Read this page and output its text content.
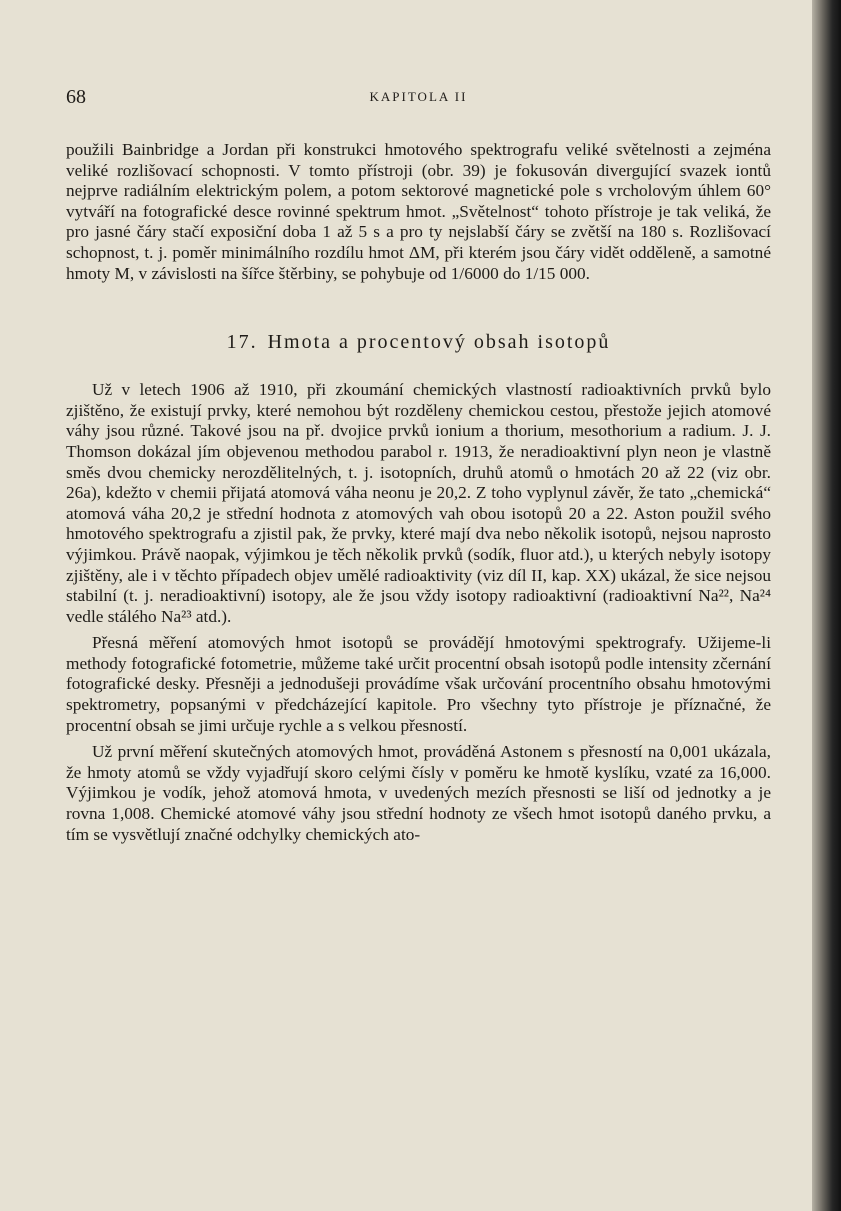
68	KAPITOLA II

použili Bainbridge a Jordan při konstrukci hmotového spektrografu veliké světelnosti a zejména veliké rozlišovací schopnosti. V tomto přístroji (obr. 39) je fokusován divergující svazek iontů nejprve radiálním elektrickým polem, a potom sektorové magnetické pole s vrcholovým úhlem 60° vytváří na fotografické desce rovinné spektrum hmot. „Světelnost“ tohoto přístroje je tak veliká, že pro jasné čáry stačí exposiční doba 1 až 5 s a pro ty nejslabší čáry se zvětší na 180 s. Rozlišovací schopnost, t. j. poměr minimálního rozdílu hmot ΔM, při kterém jsou čáry vidět odděleně, a samotné hmoty M, v závislosti na šířce štěrbiny, se pohybuje od 1/6000 do 1/15 000.

17. Hmota a procentový obsah isotopů

Už v letech 1906 až 1910, při zkoumání chemických vlastností radioaktivních prvků bylo zjištěno, že existují prvky, které nemohou být rozděleny chemickou cestou, přestože jejich atomové váhy jsou různé. Takové jsou na př. dvojice prvků ionium a thorium, mesothorium a radium. J. J. Thomson dokázal jím objevenou methodou parabol r. 1913, že neradioaktivní plyn neon je vlastně směs dvou chemicky nerozdělitelných, t. j. isotopních, druhů atomů o hmotách 20 až 22 (viz obr. 26a), kdežto v chemii přijatá atomová váha neonu je 20,2. Z toho vyplynul závěr, že tato „chemická“ atomová váha 20,2 je střední hodnota z atomových vah obou isotopů 20 a 22. Aston použil svého hmotového spektrografu a zjistil pak, že prvky, které mají dva nebo několik isotopů, nejsou naprosto výjimkou. Právě naopak, výjimkou je těch několik prvků (sodík, fluor atd.), u kterých nebyly isotopy zjištěny, ale i v těchto případech objev umělé radioaktivity (viz díl II, kap. XX) ukázal, že sice nejsou stabilní (t. j. neradioaktivní) isotopy, ale že jsou vždy isotopy radioaktivní (radioaktivní Na²², Na²⁴ vedle stálého Na²³ atd.).

Přesná měření atomových hmot isotopů se provádějí hmotovými spektrografy. Užijeme-li methody fotografické fotometrie, můžeme také určit procentní obsah isotopů podle intensity zčernání fotografické desky. Přesněji a jednodušeji provádíme však určování procentního obsahu hmotovými spektrometry, popsanými v předcházející kapitole. Pro všechny tyto přístroje je příznačné, že procentní obsah se jimi určuje rychle a s velkou přesností.

Už první měření skutečných atomových hmot, prováděná Astonem s přesností na 0,001 ukázala, že hmoty atomů se vždy vyjadřují skoro celými čísly v poměru ke hmotě kyslíku, vzaté za 16,000. Výjimkou je vodík, jehož atomová hmota, v uvedených mezích přesnosti se liší od jednotky a je rovna 1,008. Chemické atomové váhy jsou střední hodnoty ze všech hmot isotopů daného prvku, a tím se vysvětlují značné odchylky chemických ato-
